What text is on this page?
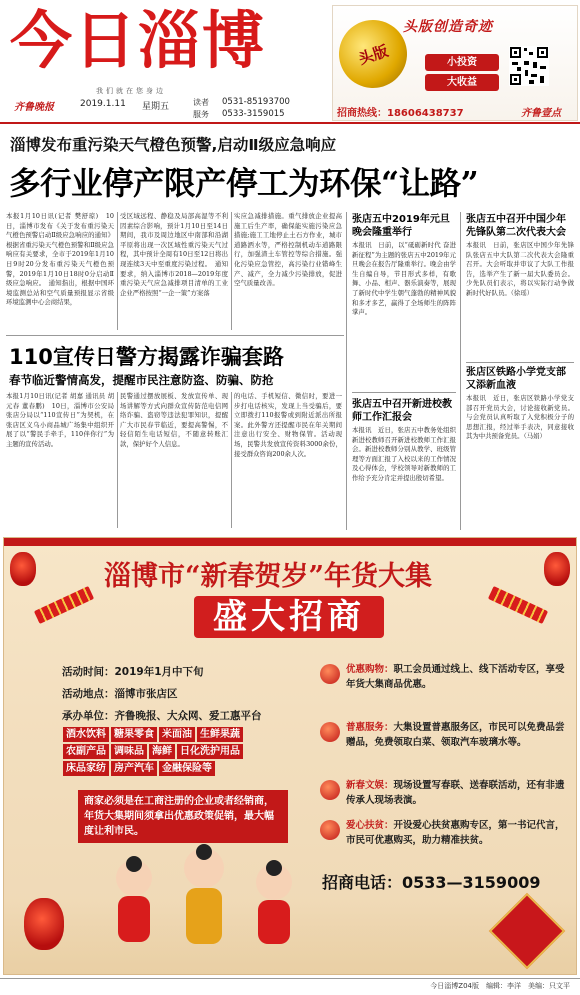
今日淄博
我们就在您身边
齐鲁晚报	2019.1.11 星期五	读者
服务
0531-85193700
0533-3159015
头版
头版创造奇迹
小投资
大收益
招商热线：18606438737	齐鲁壹点
淄博发布重污染天气橙色预警,启动Ⅱ级应急响应
多行业停产限产停工为环保“让路”
本报1月10日讯(记者 樊舒琼)　10日，淄博市发布《关于发布重污染天气橙色预警启动Ⅱ级应急响应的通知》根据省重污染天气橙色预警和Ⅱ级应急响应有关要求，全市于2019年1月10日9时20分发布重污染天气橙色预警，2019年1月10日18时0分启动Ⅱ级应急响应。　通知指出，根据中国环境监测总站和空气质量预报显示省级环境监测中心会商结果，
受区域远程、静稳及局部高湿等不利因素综合影响，预计1月10日至14日期间，我市及周边地区中南部和沿湖平原将出现一次区域性重污染天气过程，其中预计全周有10日至12日将出现连续3天中至重度污染过程。　通知要求，纳入淄博市2018—2019年度重污染天气应急减排项目清单的工业企业严格按照“一企一策”方案落
实应急减排措施。重气排放企业提高施工后生产率，确保能实施污染应急措施;施工工地停止土石方作业，城市道路洒水等，严格控制机动车道路限行，加强渣土车管控等综合措施。强化污染应急管控，高污染行业错峰生产、减产，全力减少污染排放，促进空气质量改善。
张店五中2019年元旦晚会隆重举行
本报讯　日前，以“砥砺新时代 奋进新征程”为主题的张店五中2019年元旦晚会在报告厅隆重举行。晚会由学生自编自导，节目形式多样，有歌舞、小品、相声、器乐演奏等，展现了新时代中学生朝气蓬勃的精神风貌和多才多艺，赢得了全场师生的阵阵掌声。
张店五中召开中国少年先锋队第二次代表大会
本报讯　日前，张店区中国少年先锋队张店五中大队第二次代表大会隆重召开。大会听取并审议了大队工作报告，选举产生了新一届大队委员会。少先队员们表示，将以实际行动争做新时代好队员。（徐瑶）
张店五中召开新进校教师工作汇报会
本报讯　近日，张店五中教务处组织新进校教师召开新进校教师工作汇报会。新进校教师分别从教学、班级管理等方面汇报了入校以来的工作情况及心得体会，学校领导对新教师的工作给予充分肯定并提出殷切希望。
张店区铁路小学党支部又添新血液
本报讯　近日，张店区铁路小学党支部召开党员大会，讨论接收新党员。与会党员认真听取了入党积极分子的思想汇报，经过举手表决，同意接收其为中共预备党员。（马娟）
110宣传日警方揭露诈骗套路
春节临近警情高发，提醒市民注意防盗、防骗、防抢
本报1月10日讯(记者 胡嘉 通讯员 胡元春 董春鹏)　10日，淄博市公安局张店分局以“110宣传日”为契机，在张店区义乌小商品城广场集中组织开展了以“警民手牵手，110伴你行”为主题的宣传活动。
民警通过摆放展板、发放宣传单、现场讲解等方式向群众宣传防范电信网络诈骗、盗窃等违法犯罪知识，提醒广大市民春节临近，要提高警惕，不轻信陌生电话短信，不随意转账汇款，保护好个人信息。
的电话、手机短信、微信时，要进一步打电话核实，发现上当受骗后，要立即拨打110报警或到附近派出所报案。此外警方还提醒市民在年关期间注意出行安全、财物保管。活动现场，民警共发放宣传资料3000余份，接受群众咨询200余人次。
淄博市“新春贺岁”年货大集
盛大招商
活动时间：2019年1月中下旬
活动地点：淄博市张店区
承办单位：齐鲁晚报、大众网、爱工惠平台
酒水饮料 糖果零食 米面油 生鲜果蔬农副产品 调味品 海鲜 日化洗护用品床品家纺 房产汽车 金融保险等
商家必须是在工商注册的企业或者经销商，年货大集期间须拿出优惠政策促销，最大幅度让利市民。
优惠购物：职工会员通过线上、线下活动专区，享受年货大集商品优惠。
普惠服务：大集设置普惠服务区，市民可以免费品尝赠品，免费领取白菜、领取汽车玻璃水等。
新春文娱：现场设置写春联、送春联活动，还有非遗传承人现场表演。
爱心扶贫：开设爱心扶贫惠购专区，第一书记代言，市民可优惠购买，助力精准扶贫。
招商电话：0533—3159009
今日淄博Z04版　编辑：李洋　美编：只文平
